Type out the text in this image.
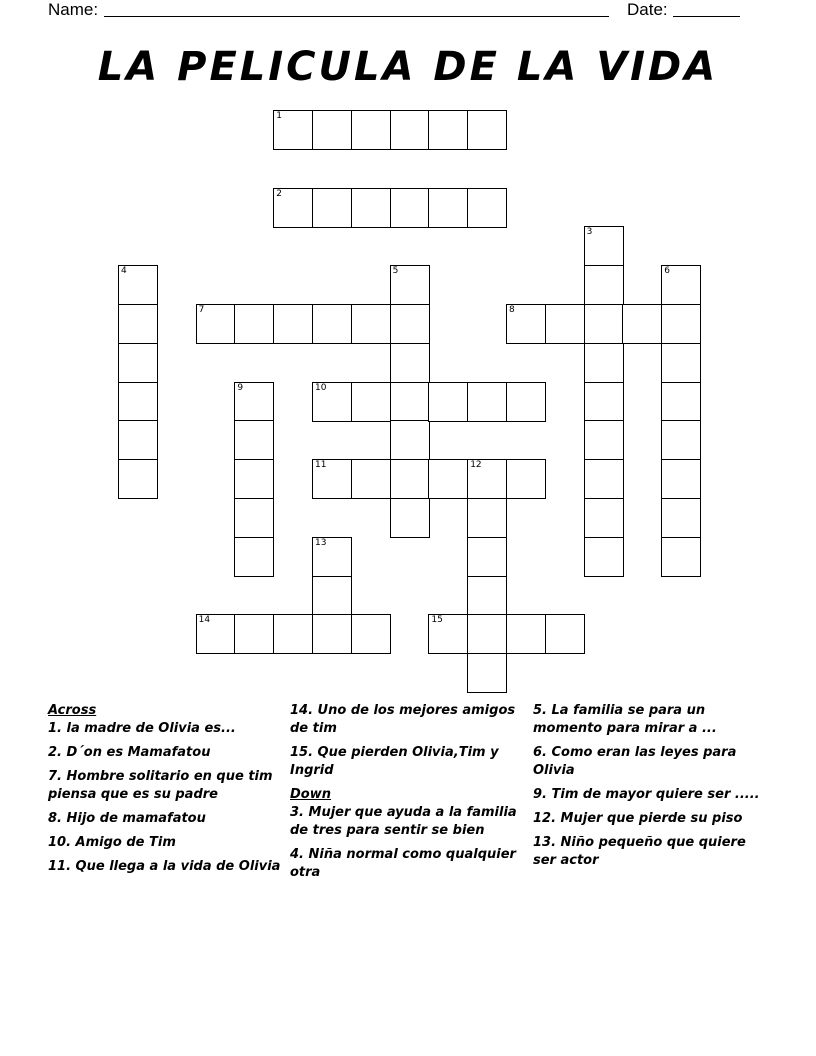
Name:	Date:
LA PELICULA DE LA VIDA
1
2
3
4	5	6
7	8
9	10
11	12
13
14	15
Across
1. la madre de Olivia es...
2. D´on es Mamafatou
7. Hombre solitario en que tim piensa que es su padre
8. Hijo de mamafatou
10. Amigo de Tim
11. Que llega a la vida de Olivia
14. Uno de los mejores amigos de tim
15. Que pierden Olivia,Tim y Ingrid
Down
3. Mujer que ayuda a la familia de tres para sentir se bien
4. Niña normal como qualquier otra
5. La familia se para un momento para mirar a ...
6. Como eran las leyes para Olivia
9. Tim de mayor quiere ser .....
12. Mujer que pierde su piso
13. Niño pequeño que quiere ser actor
